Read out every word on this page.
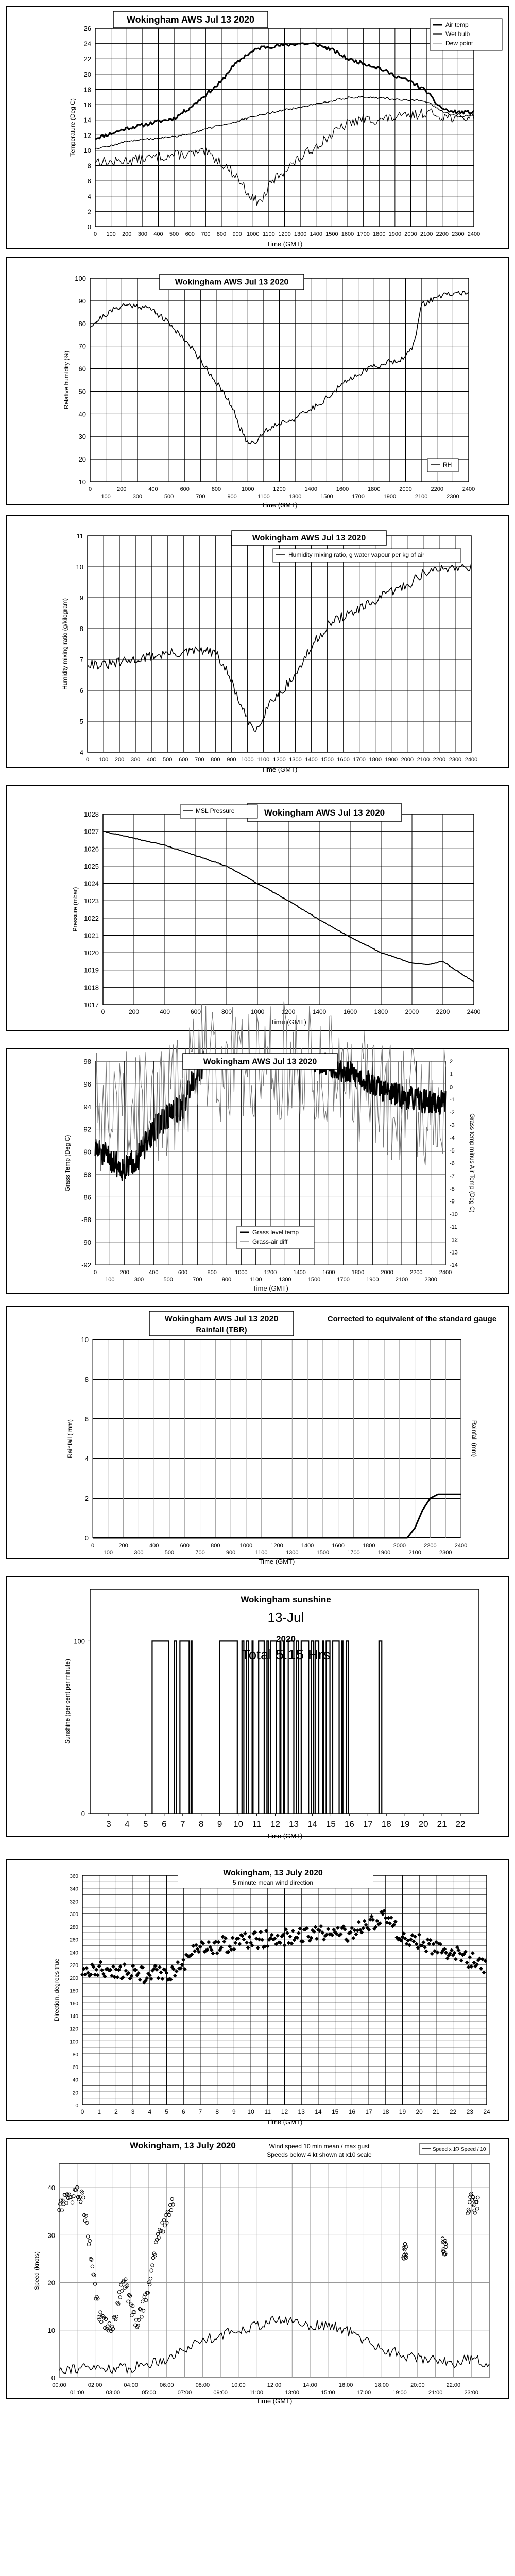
0
2
4
6
8
10
12
14
16
18
20
22
24
26
0 100 200 300 400 500 600 700 800 900 1000 1100 1200 1300 1400 1500 1600 1700 1800 1900 2000 2100 2200 2300 2400
Time (GMT)
Temperature (Deg C)
Wokingham AWS Jul 13 2020
Air temp
Wet bulb
Dew point
10
20
30
40
50
60
70
80
90
100
0
100
200
300
400
500
600
700
800
900
1000
1100
1200
1300
1400
1500
1600
1700
1800
1900
2000
2100
2200
2300
2400
Time (GMT)
Relative humidity (%)
Wokingham AWS Jul 13 2020
RH
4
5
6
7
8
9
10
11
0 100 200 300 400 500 600 700 800 900 1000 1100 1200 1300 1400 1500 1600 1700 1800 1900 2000 2100 2200 2300 2400
Time (GMT)
Humidity mixing ratio (g/kilogram)
Wokingham AWS Jul 13 2020
Humidity mixing ratio, g water vapour per kg of air
1017
1018
1019
1020
1021
1022
1023
1024
1025
1026
1027
1028
0	200	400	600	800	1000	1200	1400	1600	1800	2000	2200	2400
Time (GMT)
Pressure (mbar)
Wokingham AWS Jul 13 2020
MSL Pressure
98
96
94
92
90
88
86
-88
-90
-92
0
100
200
300
400
500
600
700
800
900
1000
1100
1200
1300
1400
1500
1600
1700
1800
1900
2000
2100
2200
2300
2400
Time (GMT)
Grass Temp (Deg C)
-14
-13
-12
-11
-10
-9
-8
-7
-6
-5
-4
-3
-2
-1
0
1
2
Grass temp minus Air Temp (Deg C)
Wokingham AWS Jul 13 2020
Grass level temp
Grass-air diff
0
2
4
6
8
10
0
100
200
300
400
500
600
700
800
900
1000
1100
1200
1300
1400
1500
1600
1700
1800
1900
2000
2100
2200
2300
2400
Time (GMT)
Rainfall ( mm)
Wokingham AWS Jul 13 2020
Rainfall (TBR)
Corrected to equivalent of the standard gauge
Rainfall (mm)
0
100
3 4 5 6 7 8 9 10 11 12 13 14 15 16 17 18 19 20 21 22
Time (GMT)
Sunshine (per cent per minute)
Wokingham sunshine
13-Jul
2020
Total 5.15 Hrs
0
20
40
60
80
100
120
140
160
180
200
220
240
260
280
300
320
340
360
0 1 2 3 4 5 6 7 8 9 10 11 12 13 14 15 16 17 18 19 20 21 22 23 24
Time (GMT)
Direction, degrees true
Wokingham, 13 July 2020
5 minute mean wind direction
0
10
20
30
40
00:00
01:00
02:00
03:00
04:00
05:00
06:00
07:00
08:00
09:00
10:00
11:00
12:00
13:00
14:00
15:00
16:00
17:00
18:00
19:00
20:00
21:00
22:00
23:00
Time (GMT)
Speed (knots)
Wokingham, 13 July 2020	Wind speed 10 min mean / max gust
Speeds below 4 kt shown at x10 scale
Speed x 1 Speed / 10
